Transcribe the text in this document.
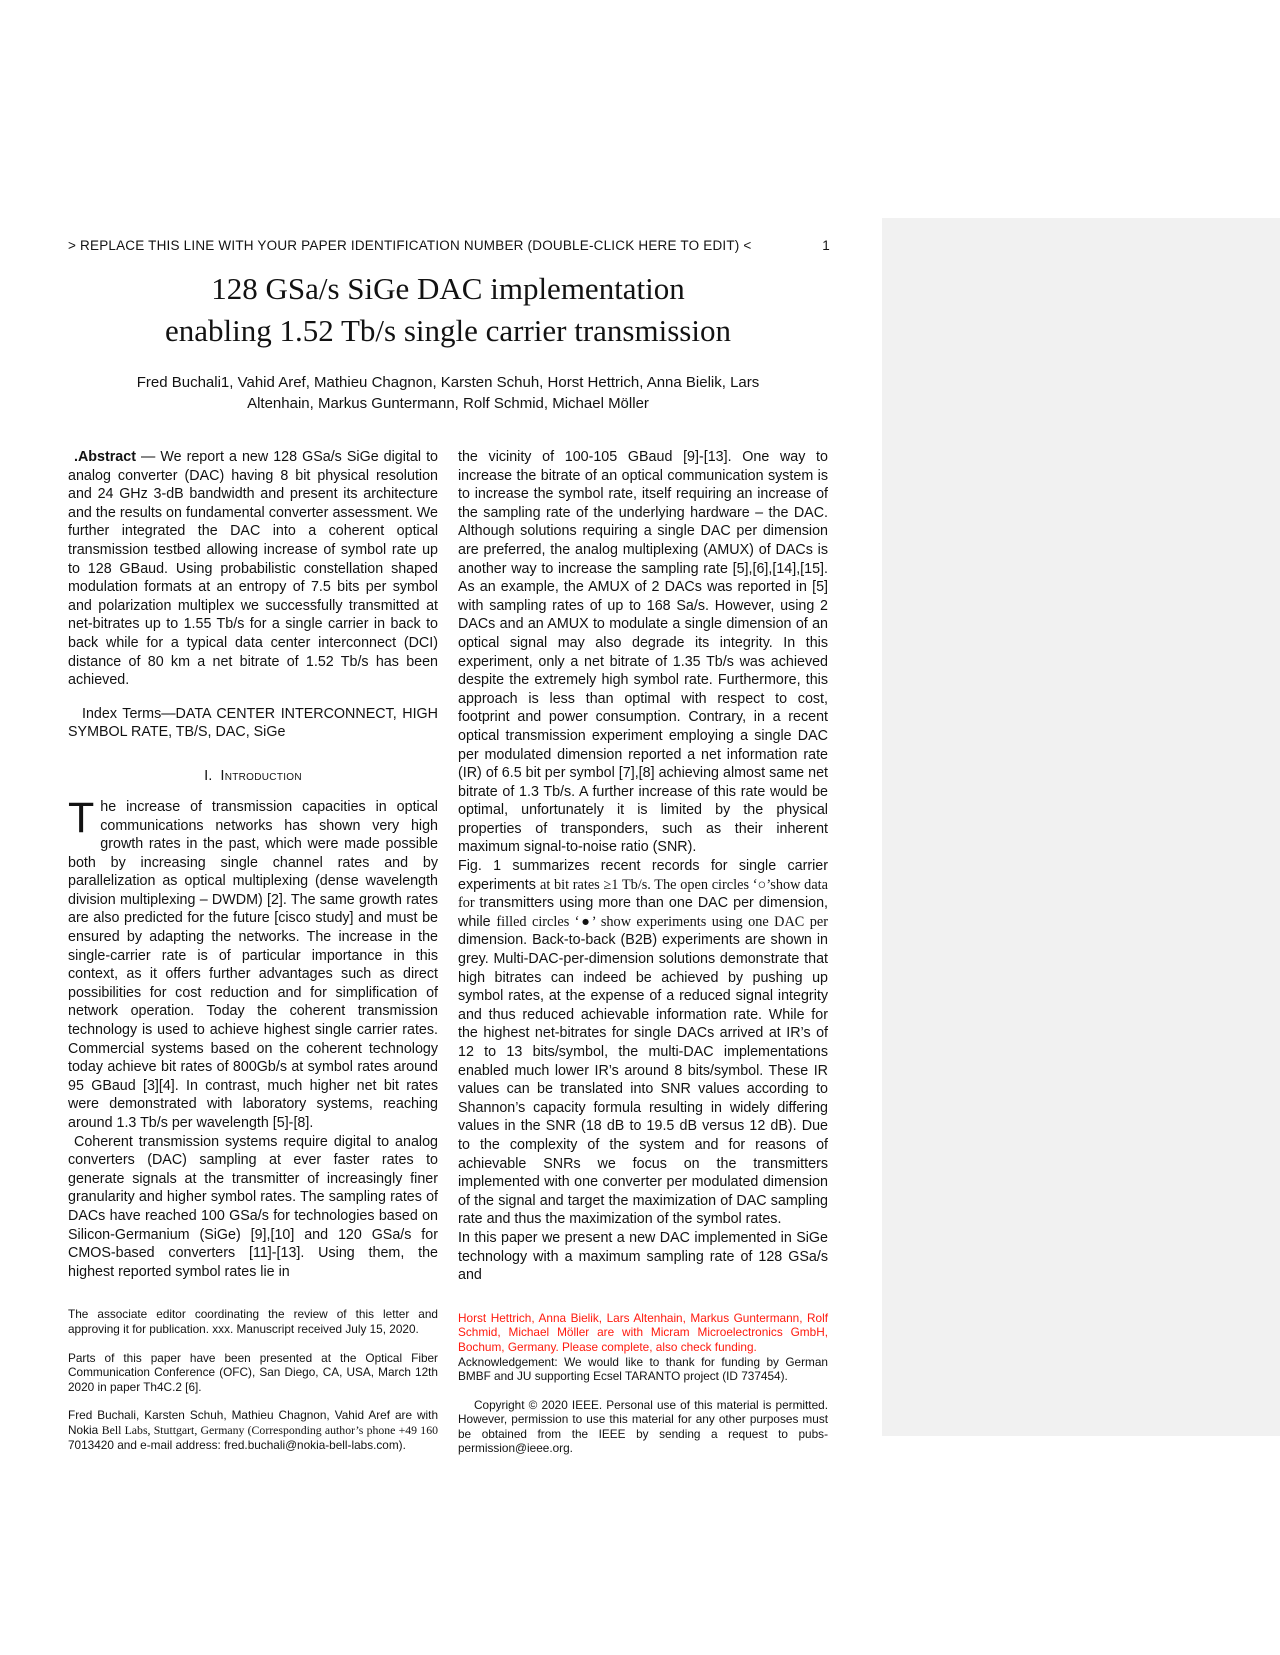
> REPLACE THIS LINE WITH YOUR PAPER IDENTIFICATION NUMBER (DOUBLE-CLICK HERE TO EDIT) <	1
128 GSa/s SiGe DAC implementation
enabling 1.52 Tb/s single carrier transmission
Fred Buchali1, Vahid Aref, Mathieu Chagnon, Karsten Schuh, Horst Hettrich, Anna Bielik, Lars
Altenhain, Markus Guntermann, Rolf Schmid, Michael Möller

.Abstract — We report a new 128 GSa/s SiGe digital to analog converter (DAC) having 8 bit physical resolution and 24 GHz 3-dB bandwidth and present its architecture and the results on fundamental converter assessment. We further integrated the DAC into a coherent optical transmission testbed allowing increase of symbol rate up to 128 GBaud. Using probabilistic constellation shaped modulation formats at an entropy of 7.5 bits per symbol and polarization multiplex we successfully transmitted at net-bitrates up to 1.55 Tb/s for a single carrier in back to back while for a typical data center interconnect (DCI) distance of 80 km a net bitrate of 1.52 Tb/s has been achieved.

Index Terms—DATA CENTER INTERCONNECT, HIGH SYMBOL RATE, TB/S, DAC, SiGe

I. Introduction

The increase of transmission capacities in optical communications networks has shown very high growth rates in the past, which were made possible both by increasing single channel rates and by parallelization as optical multiplexing (dense wavelength division multiplexing – DWDM) [2]. The same growth rates are also predicted for the future [cisco study] and must be ensured by adapting the networks. The increase in the single-carrier rate is of particular importance in this context, as it offers further advantages such as direct possibilities for cost reduction and for simplification of network operation. Today the coherent transmission technology is used to achieve highest single carrier rates. Commercial systems based on the coherent technology today achieve bit rates of 800Gb/s at symbol rates around 95 GBaud [3][4]. In contrast, much higher net bit rates were demonstrated with laboratory systems, reaching around 1.3 Tb/s per wavelength [5]-[8].

Coherent transmission systems require digital to analog converters (DAC) sampling at ever faster rates to generate signals at the transmitter of increasingly finer granularity and higher symbol rates. The sampling rates of DACs have reached 100 GSa/s for technologies based on Silicon-Germanium (SiGe) [9],[10] and 120 GSa/s for CMOS-based converters [11]-[13]. Using them, the highest reported symbol rates lie in

The associate editor coordinating the review of this letter and approving it for publication. xxx. Manuscript received July 15, 2020.

Parts of this paper have been presented at the Optical Fiber Communication Conference (OFC), San Diego, CA, USA, March 12th 2020 in paper Th4C.2 [6].

Fred Buchali, Karsten Schuh, Mathieu Chagnon, Vahid Aref are with Nokia Bell Labs, Stuttgart, Germany (Corresponding author’s phone +49 160 7013420 and e-mail address: fred.buchali@nokia-bell-labs.com).

the vicinity of 100-105 GBaud [9]-[13]. One way to increase the bitrate of an optical communication system is to increase the symbol rate, itself requiring an increase of the sampling rate of the underlying hardware – the DAC. Although solutions requiring a single DAC per dimension are preferred, the analog multiplexing (AMUX) of DACs is another way to increase the sampling rate [5],[6],[14],[15]. As an example, the AMUX of 2 DACs was reported in [5] with sampling rates of up to 168 Sa/s. However, using 2 DACs and an AMUX to modulate a single dimension of an optical signal may also degrade its integrity. In this experiment, only a net bitrate of 1.35 Tb/s was achieved despite the extremely high symbol rate. Furthermore, this approach is less than optimal with respect to cost, footprint and power consumption. Contrary, in a recent optical transmission experiment employing a single DAC per modulated dimension reported a net information rate (IR) of 6.5 bit per symbol [7],[8] achieving almost same net bitrate of 1.3 Tb/s. A further increase of this rate would be optimal, unfortunately it is limited by the physical properties of transponders, such as their inherent maximum signal-to-noise ratio (SNR).

Fig. 1 summarizes recent records for single carrier experiments at bit rates ≥1 Tb/s. The open circles ‘○’show data for transmitters using more than one DAC per dimension, while filled circles ‘●’ show experiments using one DAC per dimension. Back-to-back (B2B) experiments are shown in grey. Multi-DAC-per-dimension solutions demonstrate that high bitrates can indeed be achieved by pushing up symbol rates, at the expense of a reduced signal integrity and thus reduced achievable information rate. While for the highest net-bitrates for single DACs arrived at IR’s of 12 to 13 bits/symbol, the multi-DAC implementations enabled much lower IR’s around 8 bits/symbol. These IR values can be translated into SNR values according to Shannon’s capacity formula resulting in widely differing values in the SNR (18 dB to 19.5 dB versus 12 dB). Due to the complexity of the system and for reasons of achievable SNRs we focus on the transmitters implemented with one converter per modulated dimension of the signal and target the maximization of DAC sampling rate and thus the maximization of the symbol rates.

In this paper we present a new DAC implemented in SiGe technology with a maximum sampling rate of 128 GSa/s and

Horst Hettrich, Anna Bielik, Lars Altenhain, Markus Guntermann, Rolf Schmid, Michael Möller are with Micram Microelectronics GmbH, Bochum, Germany. Please complete, also check funding.

Acknowledgement: We would like to thank for funding by German BMBF and JU supporting Ecsel TARANTO project (ID 737454).

Copyright © 2020 IEEE. Personal use of this material is permitted. However, permission to use this material for any other purposes must be obtained from the IEEE by sending a request to pubs-permission@ieee.org.
